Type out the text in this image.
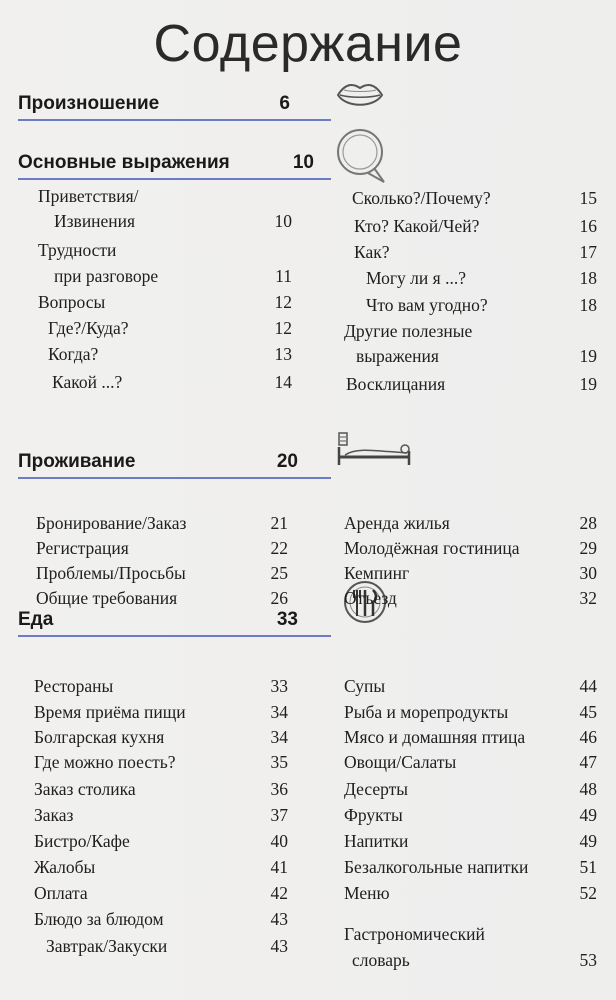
Содержание
Произношение	6
Основные выражения	10
Приветствия/
Извинения	10
Трудности
при разговоре	11
Вопросы	12
Где?/Куда?	12
Когда?	13
Какой ...?	14
Сколько?/Почему?	15
Кто? Какой/Чей?	16
Как?	17
Могу ли я ...?	18
Что вам угодно?	18
Другие полезные
выражения	19
Восклицания	19
Проживание	20
Бронирование/Заказ	21
Регистрация	22
Проблемы/Просьбы	25
Общие требования	26
Аренда жилья	28
Молодёжная гостиница	29
Кемпинг	30
Отъезд	32
Еда	33
Рестораны	33
Время приёма пищи	34
Болгарская кухня	34
Где можно поесть?	35
Заказ столика	36
Заказ	37
Бистро/Кафе	40
Жалобы	41
Оплата	42
Блюдо за блюдом	43
Завтрак/Закуски	43
Супы	44
Рыба и морепродукты	45
Мясо и домашняя птица	46
Овощи/Салаты	47
Десерты	48
Фрукты	49
Напитки	49
Безалкогольные напитки	51
Меню	52
Гастрономический
словарь	53
